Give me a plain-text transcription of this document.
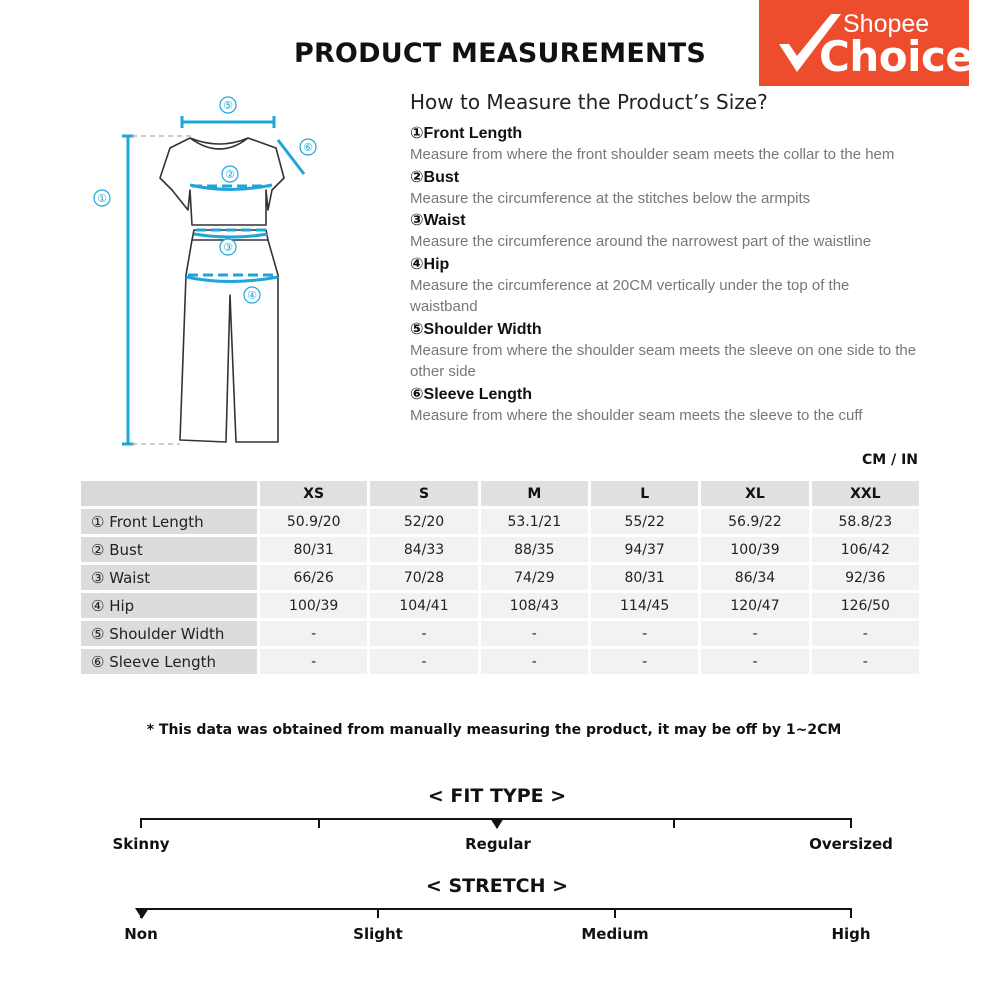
PRODUCT MEASUREMENTS
Shopee
Choice
①
⑤
⑥
②
③
④
How to Measure the Product’s Size?
①Front Length
Measure from where the front shoulder seam meets the collar to the hem
②Bust
Measure the circumference at the stitches below the armpits
③Waist
Measure the circumference around the narrowest part of the waistline
④Hip
Measure the circumference at 20CM vertically under the top of the waistband
⑤Shoulder Width
Measure from where the shoulder seam meets the sleeve on one side to the other side
⑥Sleeve Length
Measure from where the shoulder seam meets the sleeve to the cuff
CM / IN
	XS	S	M	L	XL	XXL
① Front Length	50.9/20	52/20	53.1/21	55/22	56.9/22	58.8/23
② Bust	80/31	84/33	88/35	94/37	100/39	106/42
③ Waist	66/26	70/28	74/29	80/31	86/34	92/36
④ Hip	100/39	104/41	108/43	114/45	120/47	126/50
⑤ Shoulder Width	-	-	-	-	-	-
⑥ Sleeve Length	-	-	-	-	-	-
* This data was obtained from manually measuring the product, it may be off by 1~2CM
< FIT TYPE >
Skinny	Regular	Oversized
< STRETCH >
Non	Slight	Medium	High
